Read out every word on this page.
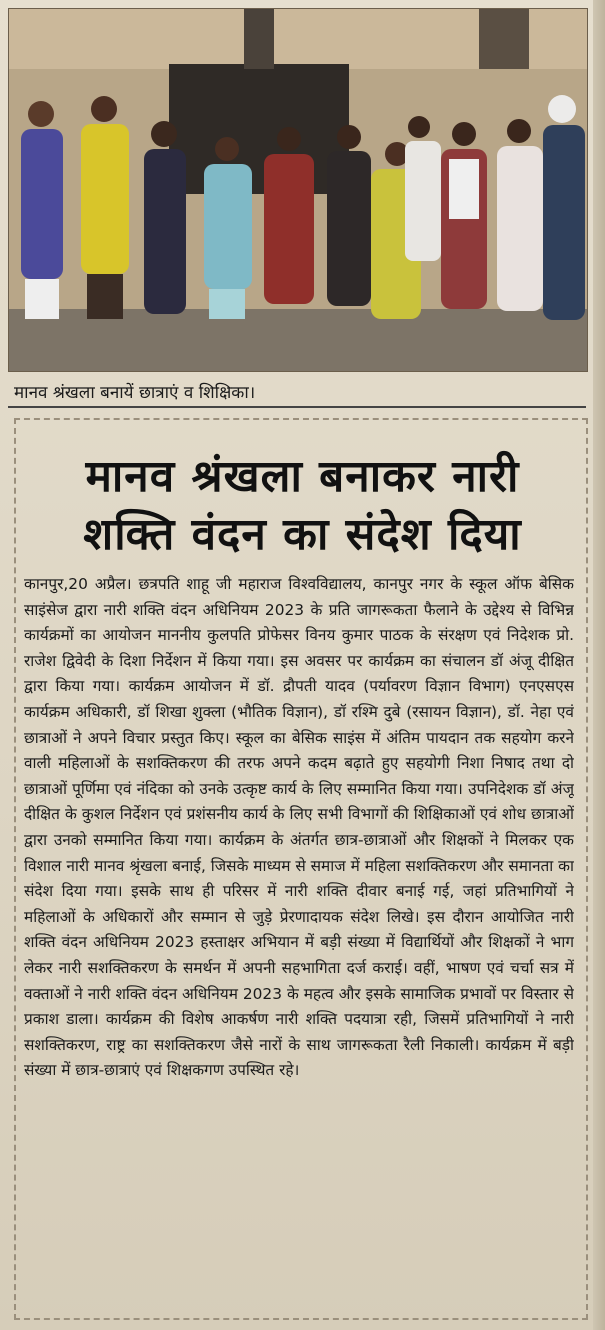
मानव श्रंखला बनायें छात्राएं व शिक्षिका।
मानव श्रंखला बनाकर नारी
शक्ति वंदन का संदेश दिया
कानपुर,20 अप्रैल। छत्रपति शाहू जी महाराज विश्वविद्यालय, कानपुर नगर के स्कूल ऑफ बेसिक साइंसेज द्वारा नारी शक्ति वंदन अधिनियम 2023 के प्रति जागरूकता फैलाने के उद्देश्य से विभिन्न कार्यक्रमों का आयोजन माननीय कुलपति प्रोफेसर विनय कुमार पाठक के संरक्षण एवं निदेशक प्रो. राजेश द्विवेदी के दिशा निर्देशन में किया गया। इस अवसर पर कार्यक्रम का संचालन डॉ अंजू दीक्षित द्वारा किया गया। कार्यक्रम आयोजन में डॉ. द्रौपती यादव (पर्यावरण विज्ञान विभाग) एनएसएस कार्यक्रम अधिकारी, डॉ शिखा शुक्ला (भौतिक विज्ञान), डॉ रश्मि दुबे (रसायन विज्ञान), डॉ. नेहा एवं छात्राओं ने अपने विचार प्रस्तुत किए। स्कूल का बेसिक साइंस में अंतिम पायदान तक सहयोग करने वाली महिलाओं के सशक्तिकरण की तरफ अपने कदम बढ़ाते हुए सहयोगी निशा निषाद तथा दो छात्राओं पूर्णिमा एवं नंदिका को उनके उत्कृष्ट कार्य के लिए सम्मानित किया गया। उपनिदेशक डॉ अंजू दीक्षित के कुशल निर्देशन एवं प्रशंसनीय कार्य के लिए सभी विभागों की शिक्षिकाओं एवं शोध छात्राओं द्वारा उनको सम्मानित किया गया। कार्यक्रम के अंतर्गत छात्र-छात्राओं और शिक्षकों ने मिलकर एक विशाल नारी मानव श्रृंखला बनाई, जिसके माध्यम से समाज में महिला सशक्तिकरण और समानता का संदेश दिया गया। इसके साथ ही परिसर में नारी शक्ति दीवार बनाई गई, जहां प्रतिभागियों ने महिलाओं के अधिकारों और सम्मान से जुड़े प्रेरणादायक संदेश लिखे। इस दौरान आयोजित नारी शक्ति वंदन अधिनियम 2023 हस्ताक्षर अभियान में बड़ी संख्या में विद्यार्थियों और शिक्षकों ने भाग लेकर नारी सशक्तिकरण के समर्थन में अपनी सहभागिता दर्ज कराई। वहीं, भाषण एवं चर्चा सत्र में वक्ताओं ने नारी शक्ति वंदन अधिनियम 2023 के महत्व और इसके सामाजिक प्रभावों पर विस्तार से प्रकाश डाला। कार्यक्रम की विशेष आकर्षण नारी शक्ति पदयात्रा रही, जिसमें प्रतिभागियों ने नारी सशक्तिकरण, राष्ट्र का सशक्तिकरण जैसे नारों के साथ जागरूकता रैली निकाली। कार्यक्रम में बड़ी संख्या में छात्र-छात्राएं एवं शिक्षकगण उपस्थित रहे।
